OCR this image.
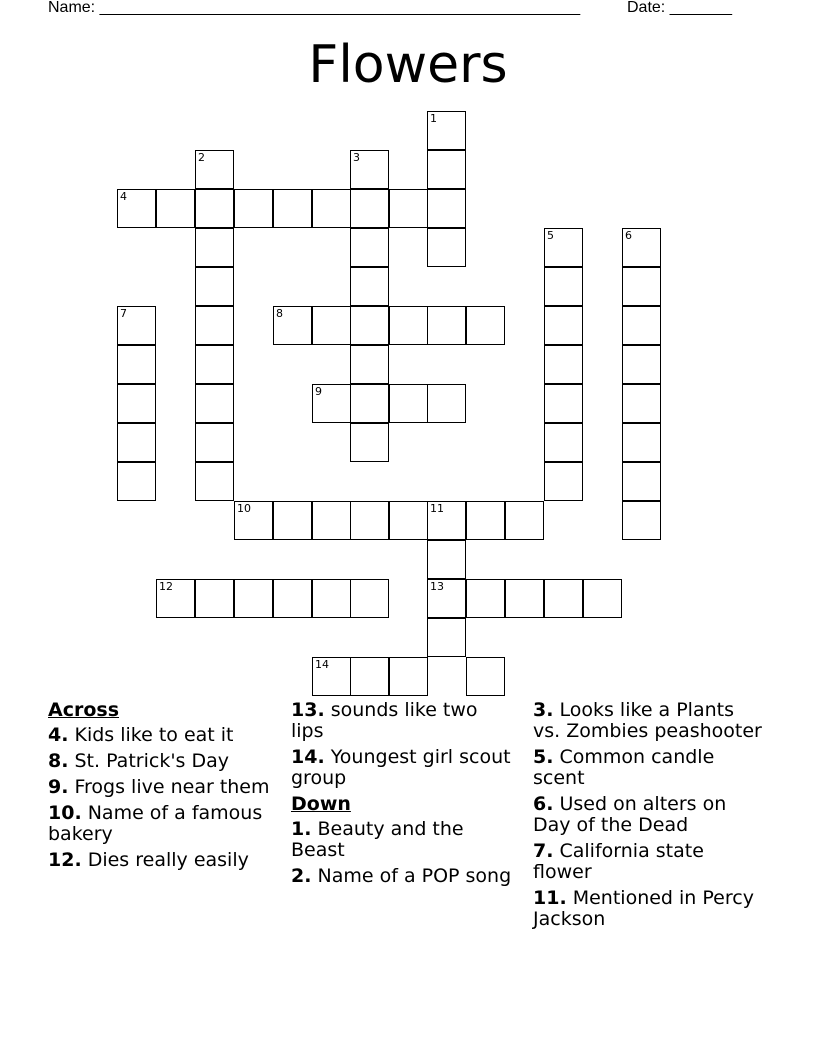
Name: ______________________________________________________	Date: _______
Flowers
1
2	3
4
5	6
7	8
9
10	11
13
12
14
Across
4. Kids like to eat it
8. St. Patrick's Day
9. Frogs live near them
10. Name of a famous bakery
12. Dies really easily
13. sounds like two lips
14. Youngest girl scout group
Down
1. Beauty and the Beast
2. Name of a POP song
3. Looks like a Plants vs. Zombies peashooter
5. Common candle scent
6. Used on alters on Day of the Dead
7. California state flower
11. Mentioned in Percy Jackson
